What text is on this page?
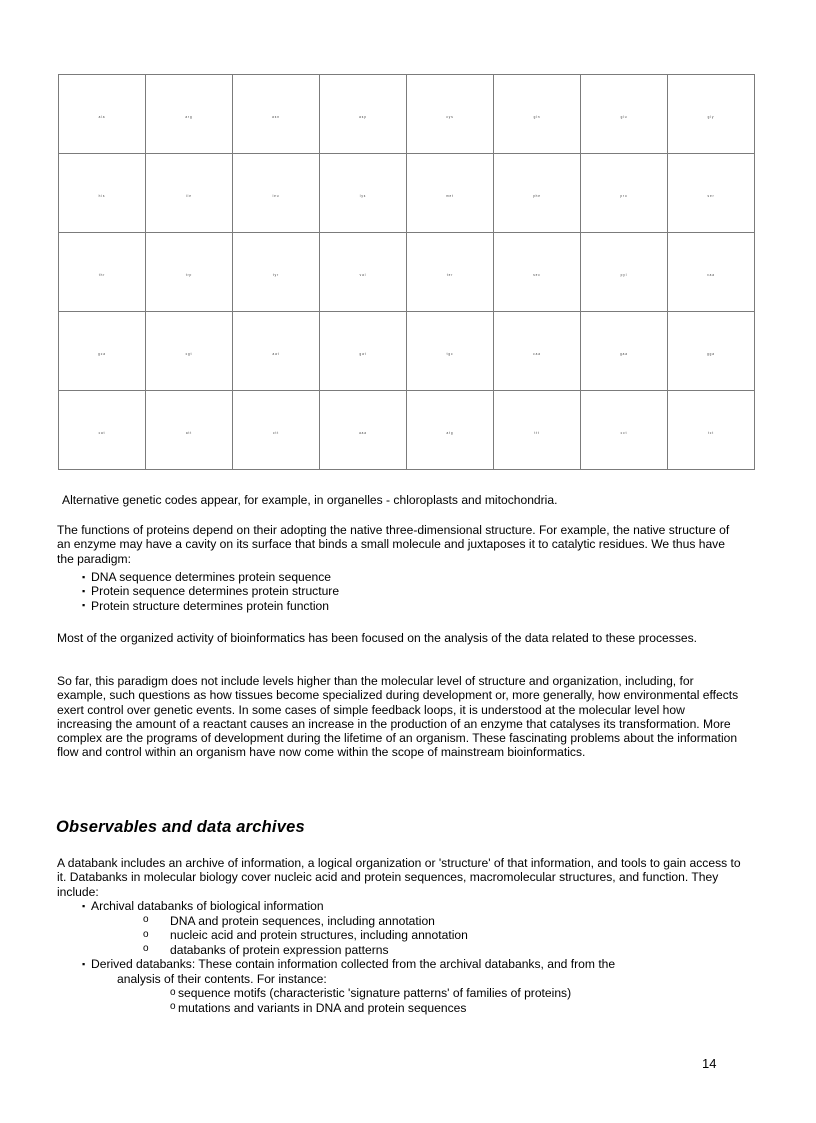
ala	arg	asn	asp	cys	gln	glu	gly
his	ile	leu	lys	met	phe	pro	ser
thr	trp	tyr	val	ter	sec	pyl	xaa
gca	cgt	aat	gat	tgc	caa	gaa	gga
cat	att	ctt	aaa	atg	ttt	cct	tct
Alternative genetic codes appear, for example, in organelles - chloroplasts and mitochondria.
The functions of proteins depend on their adopting the native three-dimensional structure. For example, the native structure of an enzyme may have a cavity on its surface that binds a small molecule and juxtaposes it to catalytic residues. We thus have the paradigm:
▪ DNA sequence determines protein sequence
▪ Protein sequence determines protein structure
▪ Protein structure determines protein function
Most of the organized activity of bioinformatics has been focused on the analysis of the data related to these processes.
So far, this paradigm does not include levels higher than the molecular level of structure and organization, including, for example, such questions as how tissues become specialized during development or, more generally, how environmental effects exert control over genetic events. In some cases of simple feedback loops, it is understood at the molecular level how increasing the amount of a reactant causes an increase in the production of an enzyme that catalyses its transformation. More complex are the programs of development during the lifetime of an organism. These fascinating problems about the information flow and control within an organism have now come within the scope of mainstream bioinformatics.
Observables and data archives
A databank includes an archive of information, a logical organization or 'structure' of that information, and tools to gain access to it. Databanks in molecular biology cover nucleic acid and protein sequences, macromolecular structures, and function. They include:
▪ Archival databanks of biological information
o DNA and protein sequences, including annotation
o nucleic acid and protein structures, including annotation
o databanks of protein expression patterns
▪ Derived databanks: These contain information collected from the archival databanks, and from the
analysis of their contents. For instance:
o sequence motifs (characteristic 'signature patterns' of families of proteins)
o mutations and variants in DNA and protein sequences
14
